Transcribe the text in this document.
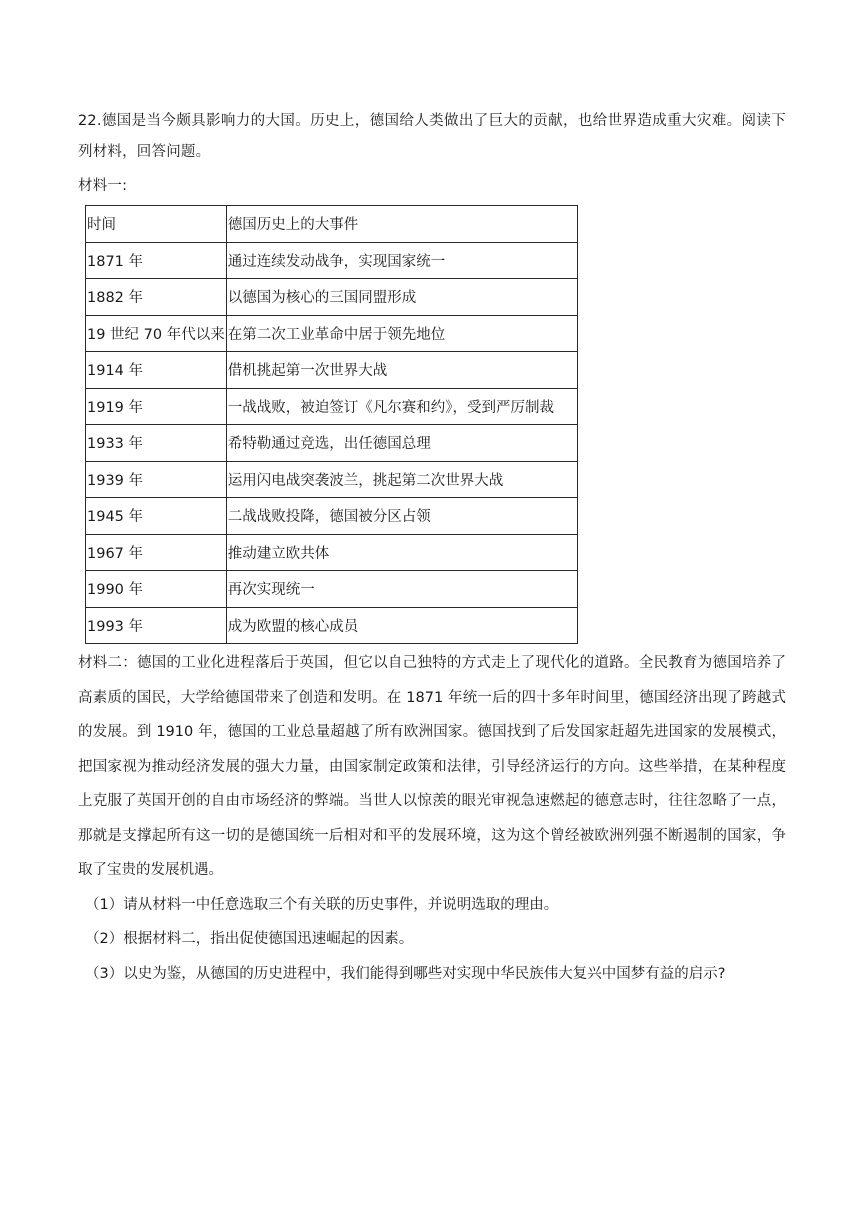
22.德国是当今颇具影响力的大国。历史上，德国给人类做出了巨大的贡献，也给世界造成重大灾难。阅读下列材料，回答问题。

材料一:

时间	德国历史上的大事件
1871 年	通过连续发动战争，实现国家统一
1882 年	以德国为核心的三国同盟形成
19 世纪 70 年代以来	在第二次工业革命中居于领先地位
1914 年	借机挑起第一次世界大战
1919 年	一战战败，被迫签订《凡尔赛和约》，受到严厉制裁
1933 年	希特勒通过竞选，出任德国总理
1939 年	运用闪电战突袭波兰，挑起第二次世界大战
1945 年	二战战败投降，德国被分区占领
1967 年	推动建立欧共体
1990 年	再次实现统一
1993 年	成为欧盟的核心成员

材料二：德国的工业化进程落后于英国，但它以自己独特的方式走上了现代化的道路。全民教育为德国培养了高素质的国民，大学给德国带来了创造和发明。在 1871 年统一后的四十多年时间里，德国经济出现了跨越式的发展。到 1910 年，德国的工业总量超越了所有欧洲国家。德国找到了后发国家赶超先进国家的发展模式，把国家视为推动经济发展的强大力量，由国家制定政策和法律，引导经济运行的方向。这些举措，在某种程度上克服了英国开创的自由市场经济的弊端。当世人以惊羡的眼光审视急速燃起的德意志时，往往忽略了一点，那就是支撑起所有这一切的是德国统一后相对和平的发展环境，这为这个曾经被欧洲列强不断遏制的国家，争取了宝贵的发展机遇。

（1）请从材料一中任意选取三个有关联的历史事件，并说明选取的理由。

（2）根据材料二，指出促使德国迅速崛起的因素。

（3）以史为鉴，从德国的历史进程中，我们能得到哪些对实现中华民族伟大复兴中国梦有益的启示?
